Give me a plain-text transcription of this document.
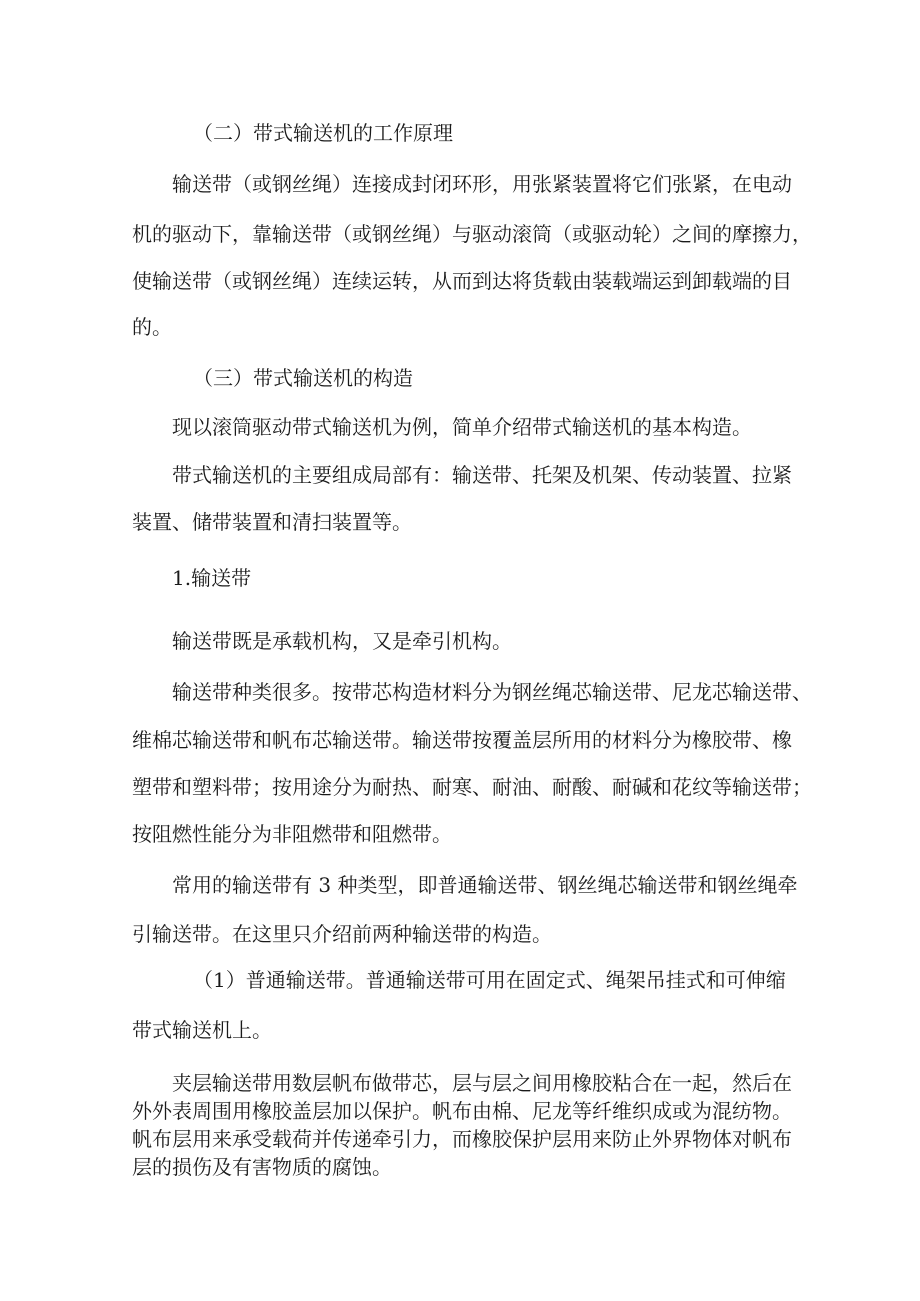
（二）带式输送机的工作原理
输送带（或钢丝绳）连接成封闭环形，用张紧装置将它们张紧，在电动
机的驱动下，靠输送带（或钢丝绳）与驱动滚筒（或驱动轮）之间的摩擦力，
使输送带（或钢丝绳）连续运转，从而到达将货载由装载端运到卸载端的目
的。
（三）带式输送机的构造
现以滚筒驱动带式输送机为例，简单介绍带式输送机的基本构造。
带式输送机的主要组成局部有：输送带、托架及机架、传动装置、拉紧
装置、储带装置和清扫装置等。
1.输送带
输送带既是承载机构，又是牵引机构。
输送带种类很多。按带芯构造材料分为钢丝绳芯输送带、尼龙芯输送带、
维棉芯输送带和帆布芯输送带。输送带按覆盖层所用的材料分为橡胶带、橡
塑带和塑料带；按用途分为耐热、耐寒、耐油、耐酸、耐碱和花纹等输送带；
按阻燃性能分为非阻燃带和阻燃带。
常用的输送带有 3 种类型，即普通输送带、钢丝绳芯输送带和钢丝绳牵
引输送带。在这里只介绍前两种输送带的构造。
（1）普通输送带。普通输送带可用在固定式、绳架吊挂式和可伸缩
带式输送机上。
夹层输送带用数层帆布做带芯，层与层之间用橡胶粘合在一起，然后在
外外表周围用橡胶盖层加以保护。帆布由棉、尼龙等纤维织成或为混纺物。
帆布层用来承受载荷并传递牵引力，而橡胶保护层用来防止外界物体对帆布
层的损伤及有害物质的腐蚀。
